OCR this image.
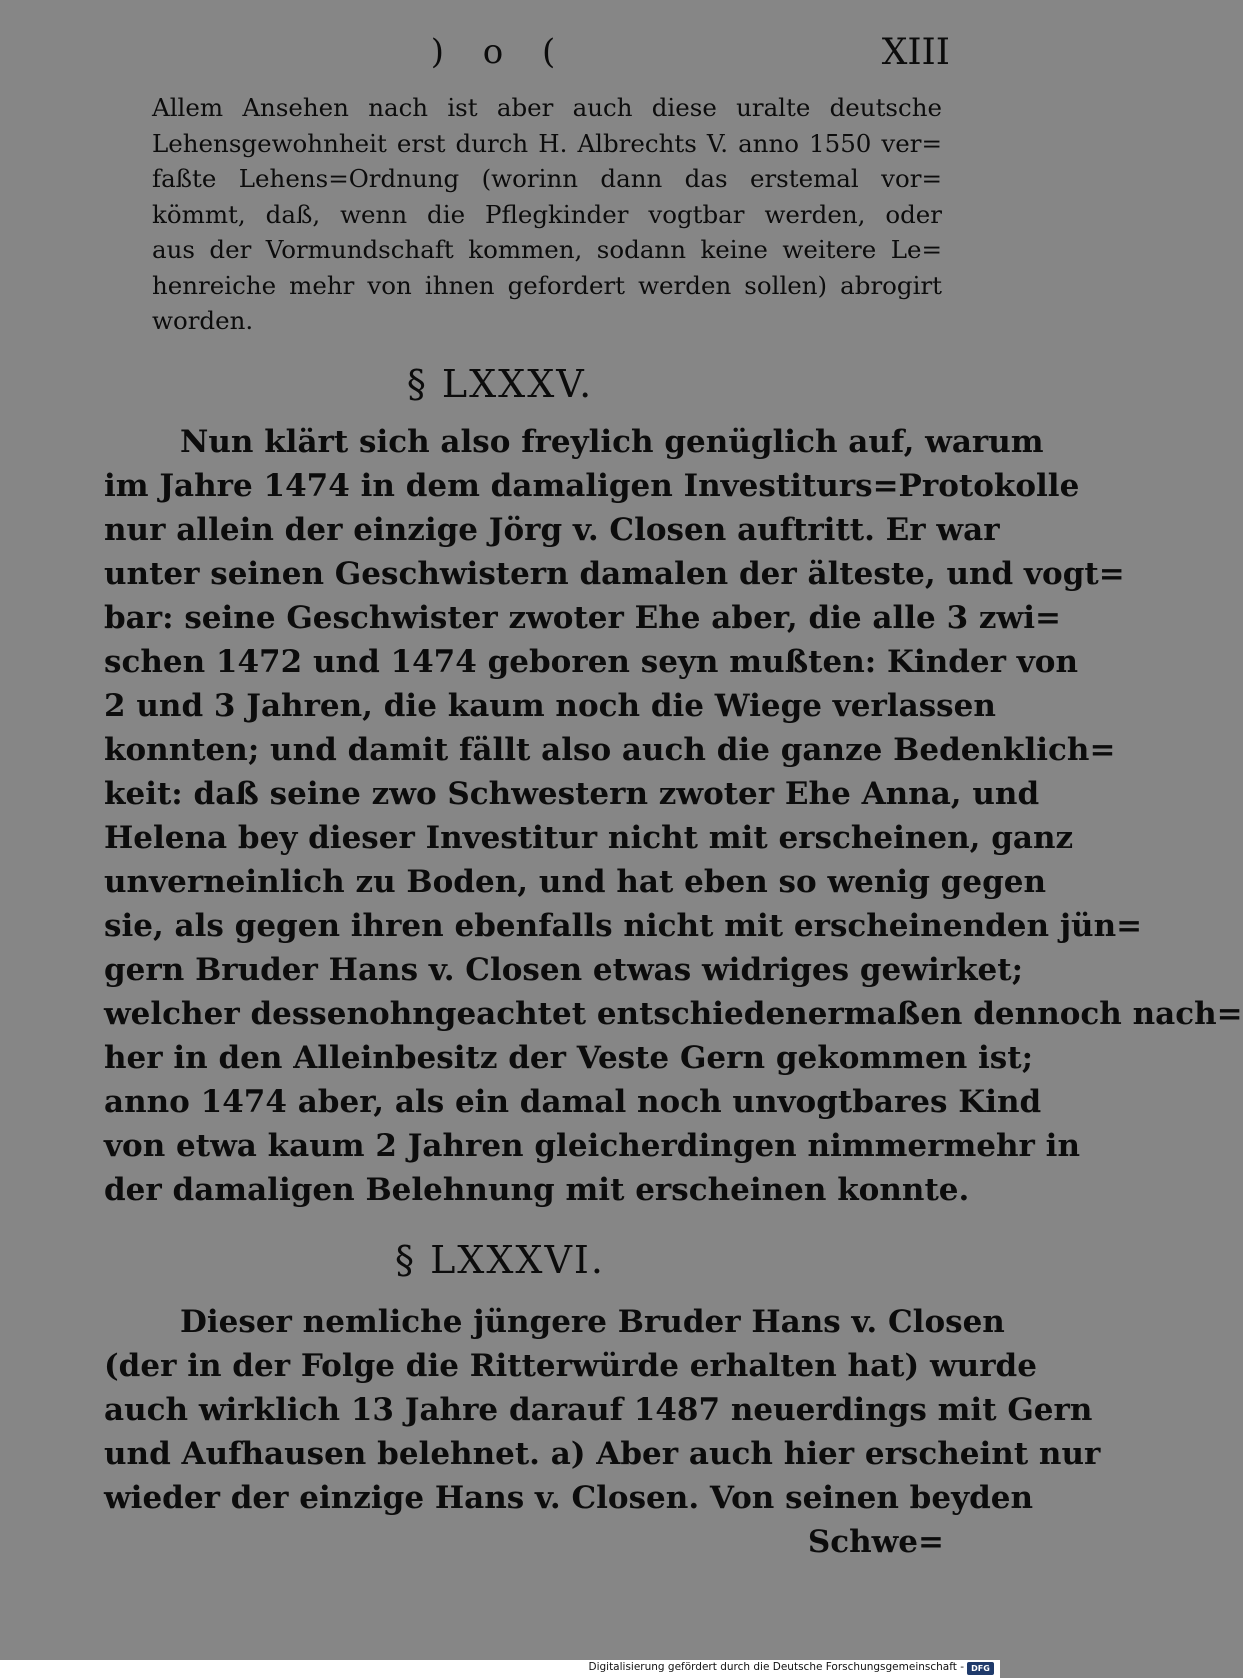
) o (	XIII
Allem Ansehen nach ist aber auch diese uralte deutsche
Lehensgewohnheit erst durch H. Albrechts V. anno 1550 ver=
faßte Lehens=Ordnung (worinn dann das erstemal vor=
kömmt, daß, wenn die Pflegkinder vogtbar werden, oder
aus der Vormundschaft kommen, sodann keine weitere Le=
henreiche mehr von ihnen gefordert werden sollen) abrogirt
worden.
§ LXXXV.
Nun klärt sich also freylich genüglich auf, warum
im Jahre 1474 in dem damaligen Investiturs=Protokolle
nur allein der einzige Jörg v. Closen auftritt. Er war
unter seinen Geschwistern damalen der älteste, und vogt=
bar: seine Geschwister zwoter Ehe aber, die alle 3 zwi=
schen 1472 und 1474 geboren seyn mußten: Kinder von
2 und 3 Jahren, die kaum noch die Wiege verlassen
konnten; und damit fällt also auch die ganze Bedenklich=
keit: daß seine zwo Schwestern zwoter Ehe Anna, und
Helena bey dieser Investitur nicht mit erscheinen, ganz
unverneinlich zu Boden, und hat eben so wenig gegen
sie, als gegen ihren ebenfalls nicht mit erscheinenden jün=
gern Bruder Hans v. Closen etwas widriges gewirket;
welcher dessenohngeachtet entschiedenermaßen dennoch nach=
her in den Alleinbesitz der Veste Gern gekommen ist;
anno 1474 aber, als ein damal noch unvogtbares Kind
von etwa kaum 2 Jahren gleicherdingen nimmermehr in
der damaligen Belehnung mit erscheinen konnte.
§ LXXXVI.
Dieser nemliche jüngere Bruder Hans v. Closen
(der in der Folge die Ritterwürde erhalten hat) wurde
auch wirklich 13 Jahre darauf 1487 neuerdings mit Gern
und Aufhausen belehnet. a) Aber auch hier erscheint nur
wieder der einzige Hans v. Closen. Von seinen beyden
Schwe=
Digitalisierung gefördert durch die Deutsche Forschungsgemeinschaft - DFG
